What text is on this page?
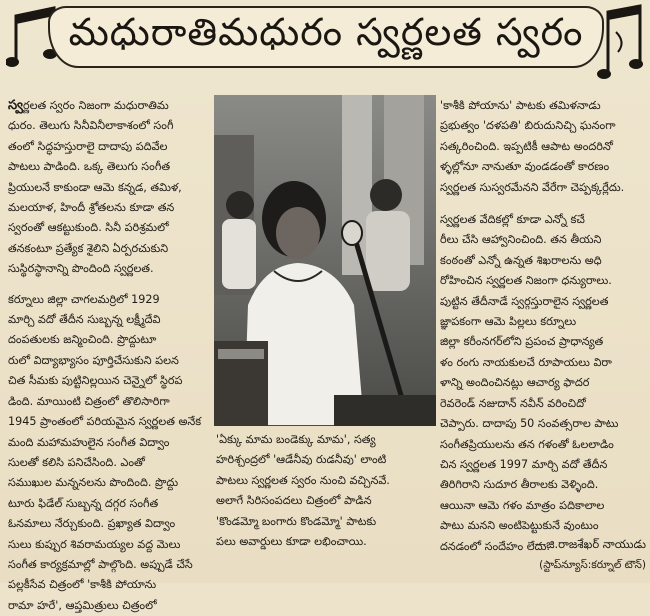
మధురాతిమధురం స్వర్ణలత స్వరం

స్వర్ణలత స్వరం నిజంగా మధురాతిమ
ధురం. తెలుగు సినీవినీలాకాశంలో సంగీ
తంలో సిద్ధహస్తురాలై దాదాపు పదివేల
పాటలు పాడింది. ఒక్క తెలుగు సంగీత
ప్రియులనే కాకుండా ఆమె కన్నడ, తమిళ,
మలయాళ, హిందీ శ్రోతలను కూడా తన
స్వరంతో ఆకట్టుకుంది. సినీ పరిశ్రమలో
తనకంటూ ప్రత్యేక శైలిని ఏర్పరచుకుని
సుస్థిరస్థానాన్ని పొందింది స్వర్ణలత.

కర్నూలు జిల్లా చాగలమర్రిలో 1929
మార్చి వదో తేదీన సుబ్బన్న లక్ష్మీదేవి
దంపతులకు జన్మించింది. ప్రొద్దుటూ
రులో విద్యాభ్యాసం పూర్తిచేసుకుని పలన
చిత సీమకు పుట్టినిల్లయిన చెన్నైలో స్థిరప
డింది. మాయింటి చిత్రంలో తొలిసారిగా
1945 ప్రాంతంలో పరియమైన స్వర్ణలత అనేక
మంది మహామహులైన సంగీత విద్వాం
సులతో కలిసి పనిచేసింది. ఎంతో
సముఖుల మన్ననలను పొందింది. ప్రొద్దు
టూరు ఫిడేల్ సుబ్బన్న దగ్గర సంగీత
ఓనమాలు నేర్చుకుంది. ప్రఖ్యాత విద్వాం
సులు కుప్పుర శివరామయ్యల వద్ద మెలు
సంగీత కార్యక్రమాల్లో పాల్గొంది. అప్పుడే చేసే
పల్లకీసేవ చిత్రంలో 'కాశీకి పోయాను
రామా హరే', ఆప్తమిత్రులు చిత్రంలో

'ఏక్కు మామ బండెక్కు మామ', సత్య
హరిశ్చంద్రలో 'ఆడేనీవు రుడనీవు' లాంటి
పాటలు స్వర్ణలత స్వరం నుంచి వచ్చినవే.
అలాగే సిరిసంపదలు చిత్రంలో పాడిన
'కొండమ్మో బంగారు కొండమ్మో' పాటకు
పలు అవార్డులు కూడా లభించాయి.

'కాశీకి పోయాను' పాటకు తమిళనాడు
ప్రభుత్వం 'దళపతి' బిరుదునిచ్చి ఘనంగా
సత్కరించింది. ఇప్పటికీ ఆపాట అందరినో
ళ్ళల్లోనూ నానుతూ వుండడంతో కారణం
స్వర్ణలత సుస్వరమేనని వేరేగా చెప్పక్కర్లేదు.

స్వర్ణలత వేదికల్లో కూడా ఎన్నో కచే
రీలు చేసి ఆహ్వానించింది. తన తీయని
కంఠంతో ఎన్నో ఉన్నత శిఖరాలను అధి
రోహించిన స్వర్ణలత నిజంగా ధన్యురాలు.
పుట్టిన తేదీనాడే స్వర్గస్తురాలైన స్వర్ణలత
జ్ఞాపకంగా ఆమె పిల్లలు కర్నూలు
జిల్లా కరీంనగర్‌లోని ప్రపంచ ప్రాధాన్యత
ళం రంగు నాయకులచే రూపాయలు విరా
ళాన్ని అందించినట్లు ఆచార్య ఫాదర
రెవరెండ్ నజుదాన్ నవీన్ వరించిదో
చెప్పారు. దాదాపు 50 సంవత్సరాల పాటు
సంగీతప్రియులను తన గళంతో ఓలలాడిం
చిన స్వర్ణలత 1997 మార్చి వదో తేదీన
తిరిగిరాని సుదూర తీరాలకు వెళ్ళింది.
ఆయినా ఆమె గళం మాత్రం పదికాలాల
పాటు మనని అంటిపెట్టుకునే వుంటుం
దనడంలో సందేహం లేదు.

—జి.రాజశేఖర్ నాయుడు
(స్టాప్‌న్యూస్:కర్నూల్ టౌన్)
